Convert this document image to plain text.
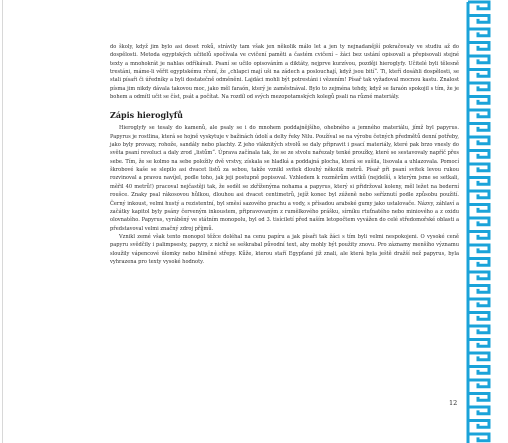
do školy, když jim bylo asi deset roků, strávily tam však jen několik málo let a jen ty nejnadanější pokračovaly ve studiu až do dospělosti. Metoda egyptských učitelů spočívala ve cvičení paměti a častém cvičení – žáci bez ustání opisovali a přepisovali stejné texty a mnohokrát je nahlas odříkávali. Psaní se učilo opisováním a diktáty, nejprve kurzívou, později hieroglyfy. Učitelé byli tělesně trestáni, máme-li věřit egyptskému rčení, že „chlapci mají uši na zádech a poslouchají, když jsou bití“. Ti, kteří dosáhli dospělosti, se stali písaři či úředníky a byli dostatečně odměněni. Lajdáci mohli být potrestáni i vězením! Písař tak vyžadoval mocnou kastu. Znalost písma jim nikdy dávala takovou moc, jako měl faraón, který je zaměstnával. Bylo to zejména tehdy, když se faraón spokojil s tím, že je bohem a odmítl učit se číst, psát a počítat. Na rozdíl od svých mezopotamských kolegů psali na různé materiály.

Zápis hieroglyfů

Hieroglyfy se tesaly do kamenů, ale psaly se i do mnohem poddajnějšího, ohebného a jemného materiálu, jímž byl papyrus. Papyrus je rostlina, která se hojně vyskytuje v bažinách údolí a delty řeky Nilu. Používal se na výrobu četných předmětů denní potřeby, jako byly provazy, rohože, sandály nebo plachty. Z jeho vláknitých stvolů se daly připravit i psací materiály, které pak brzo vnesly do světa psaní revoluci a daly zrod „listům“. Úprava začínala tak, že se ze stvolu nařezaly tenké proužky, které se sestavovaly napříč přes sebe. Tím, že se kolmo na sebe položily dvě vrstvy, získala se hladká a poddajná plocha, která se sušila, lisovala a uhlazovala. Pomocí škrobové kaše se slepilo asi dvacet listů za sebou, takže vznikl svitek dlouhý několik metrů. Písař při psaní svitek levou rukou rozvinoval a pravou navíjel, podle toho, jak jeji postupně popisoval. Vzhledem k rozměrům svitků (nejdelší, s kterým jsme se setkali, měřil 40 metrů!) pracoval nejčastěji tak, že seděl se zkříženýma nohama a papyrus, který si přidržoval koleny, měl ležet na bederní roušce. Znaky psal rákosovou hůlkou, dlouhou asi dvacet centimetrů, jejíž konec byl zúženě nebo seříznutí podle způsobu použití. Černý inkoust, velmi hustý a rezistentní, byl směsí sazového prachu a vody, s přísadou arabské gumy jako ustalovače. Názvy, záhlaví a začátky kapitol byly psány červeným inkoustem, připravovaným z rumělkového prášku, sírníku rtuťnatého nebo miniového a z oxidu olovnatého. Papyrus, vyráběný ve státním monopolu, byl od 3. tisíciletí před naším letopočtem vyvážen do celé středomořské oblasti a představoval velmi značný zdroj příjmů.

Vznikl zemé však tento monopol těžce doléhal na cenu papíru a jak písaři tak žáci s tím byli velmi nespokojeni. O vysoké ceně papyru svědčily i palimpsesty, papyry, z nichž se seškrabal původní text, aby mohly být použity znovu. Pro záznamy menšího významu sloužily vápencové úlomky nebo hliněné střepy. Kůže, kterou staří Egypťané již znali, ale která byla ještě dražší než papyrus, byla vyhrazena pro texty vysoké hodnoty.

12
